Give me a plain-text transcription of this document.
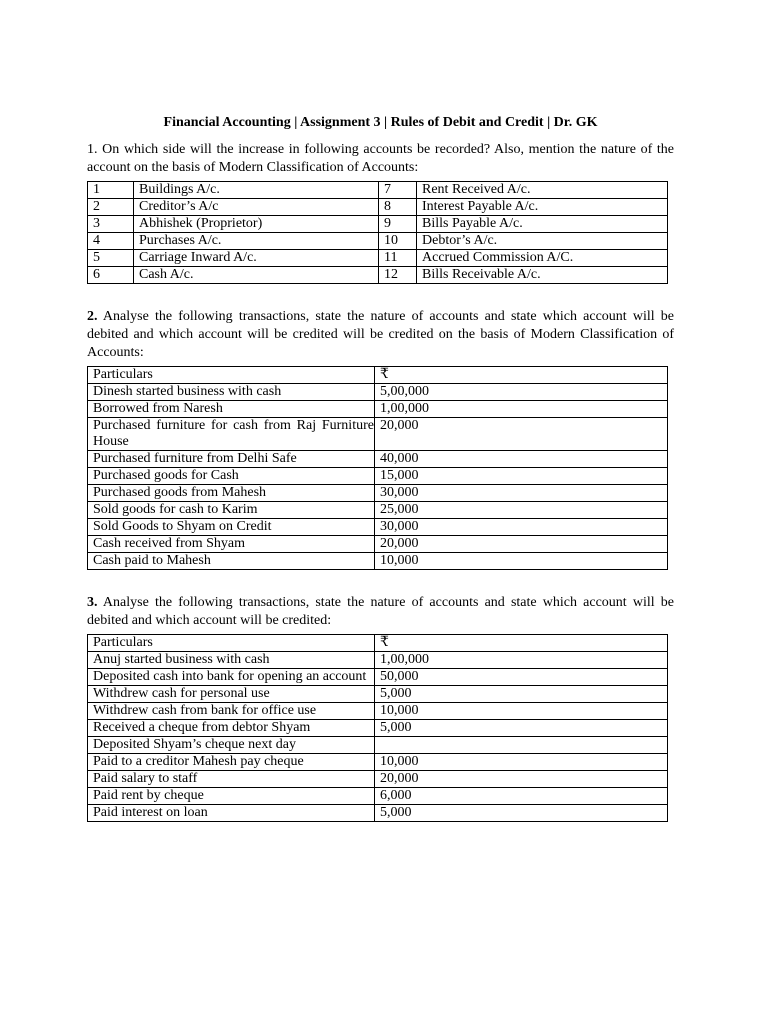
Financial Accounting | Assignment 3 | Rules of Debit and Credit | Dr. GK

1. On which side will the increase in following accounts be recorded? Also, mention the nature of the account on the basis of Modern Classification of Accounts:

1	Buildings A/c.	7	Rent Received A/c.
2	Creditor’s A/c	8	Interest Payable A/c.
3	Abhishek (Proprietor)	9	Bills Payable A/c.
4	Purchases A/c.	10	Debtor’s A/c.
5	Carriage Inward A/c.	11	Accrued Commission A/C.
6	Cash A/c.	12	Bills Receivable A/c.

2. Analyse the following transactions, state the nature of accounts and state which account will be debited and which account will be credited will be credited on the basis of Modern Classification of Accounts:

Particulars	₹
Dinesh started business with cash	5,00,000
Borrowed from Naresh	1,00,000
Purchased furniture for cash from Raj Furniture House	20,000
Purchased furniture from Delhi Safe	40,000
Purchased goods for Cash	15,000
Purchased goods from Mahesh	30,000
Sold goods for cash to Karim	25,000
Sold Goods to Shyam on Credit	30,000
Cash received from Shyam	20,000
Cash paid to Mahesh	10,000

3. Analyse the following transactions, state the nature of accounts and state which account will be debited and which account will be credited:

Particulars	₹
Anuj started business with cash	1,00,000
Deposited cash into bank for opening an account	50,000
Withdrew cash for personal use	5,000
Withdrew cash from bank for office use	10,000
Received a cheque from debtor Shyam	5,000
Deposited Shyam’s cheque next day	
Paid to a creditor Mahesh pay cheque	10,000
Paid salary to staff	20,000
Paid rent by cheque	6,000
Paid interest on loan	5,000
